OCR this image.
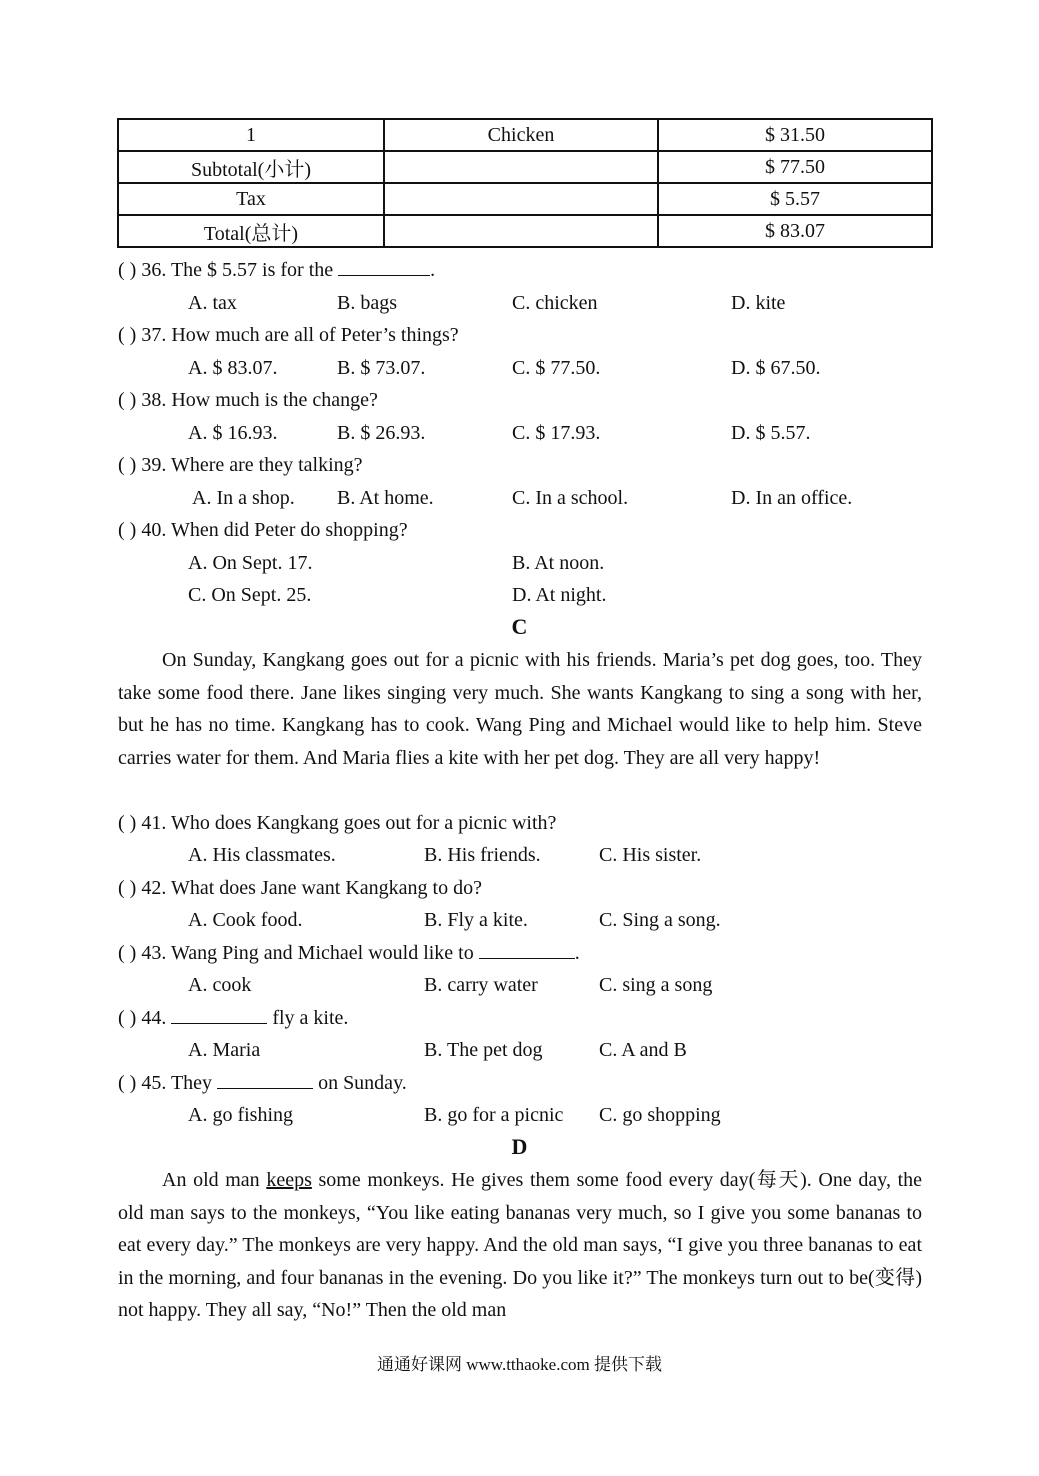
1	Chicken	$ 31.50
Subtotal(小计)		$ 77.50
Tax		$ 5.57
Total(总计)		$ 83.07
( ) 36. The $ 5.57 is for the	.
A. tax	B. bags	C. chicken	D. kite
( ) 37. How much are all of Peter’s things?
A. $ 83.07.	B. $ 73.07.	C. $ 77.50.	D. $ 67.50.
( ) 38. How much is the change?
A. $ 16.93.	B. $ 26.93.	C. $ 17.93.	D. $ 5.57.
( ) 39. Where are they talking?
A. In a shop. B. At home.	C. In a school.	D. In an office.
( ) 40. When did Peter do shopping?
A. On Sept. 17.	B. At noon.
C. On Sept. 25.	D. At night.
C

On Sunday, Kangkang goes out for a picnic with his friends. Maria’s pet dog goes, too. They take some food there. Jane likes singing very much. She wants Kangkang to sing a song with her, but he has no time. Kangkang has to cook. Wang Ping and Michael would like to help him. Steve carries water for them. And Maria flies a kite with her pet dog. They are all very happy!

( ) 41. Who does Kangkang goes out for a picnic with?
A. His classmates.	B. His friends.	C. His sister.
( ) 42. What does Jane want Kangkang to do?
A. Cook food.	B. Fly a kite.	C. Sing a song.
( ) 43. Wang Ping and Michael would like to	.
A. cook	B. carry water	C. sing a song
( ) 44.	fly a kite.
A. Maria	B. The pet dog	C. A and B
( ) 45. They	on Sunday.
A. go fishing	B. go for a picnic C. go shopping
D

An old man keeps some monkeys. He gives them some food every day(每天). One day, the old man says to the monkeys, “You like eating bananas very much, so I give you some bananas to eat every day.” The monkeys are very happy. And the old man says, “I give you three bananas to eat in the morning, and four bananas in the evening. Do you like it?” The monkeys turn out to be(变得) not happy. They all say, “No!” Then the old man

通通好课网 www.tthaoke.com 提供下载
